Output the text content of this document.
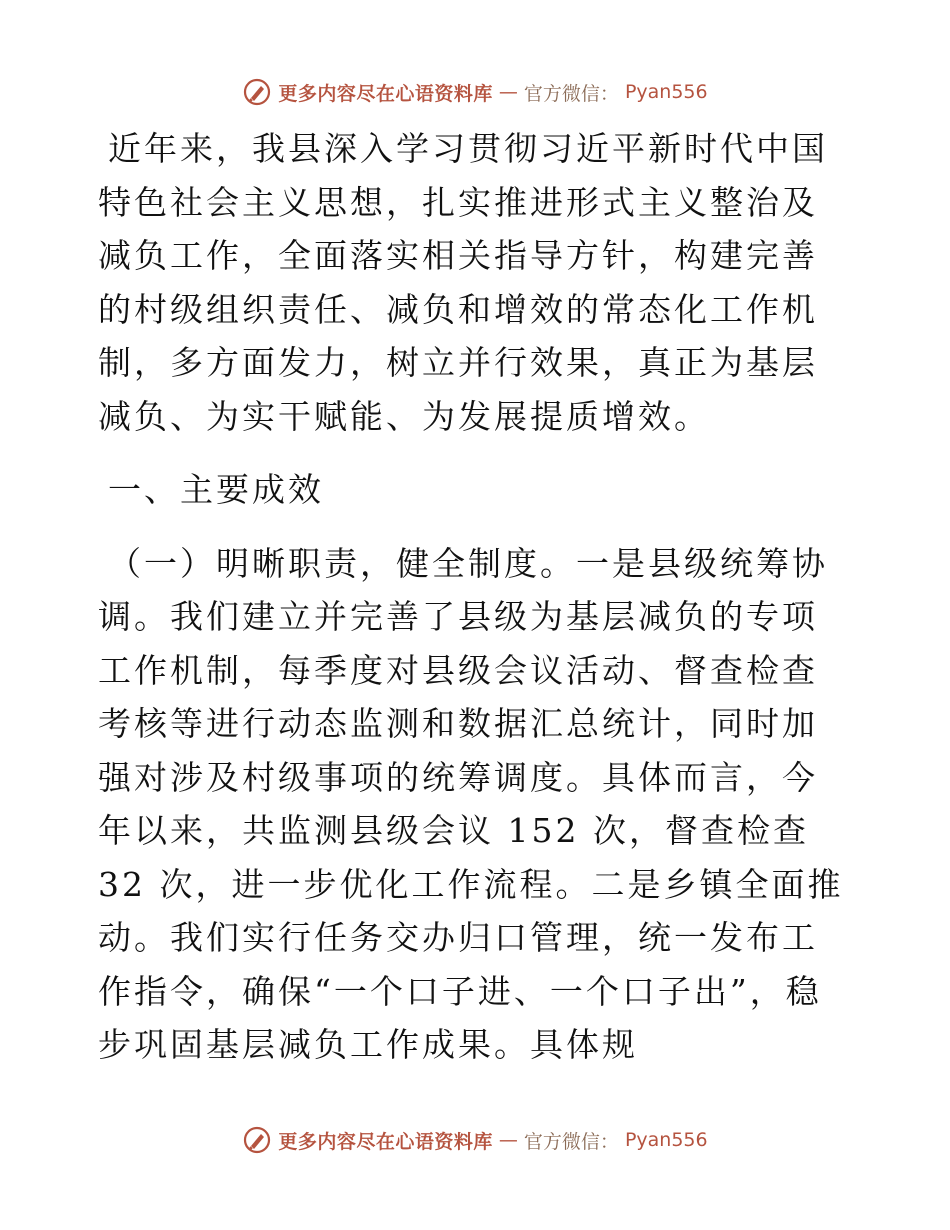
更多内容尽在心语资料库 — 官方微信： Pyan556

近年来，我县深入学习贯彻习近平新时代中国特色社会主义思想，扎实推进形式主义整治及减负工作，全面落实相关指导方针，构建完善的村级组织责任、减负和增效的常态化工作机制，多方面发力，树立并行效果，真正为基层减负、为实干赋能、为发展提质增效。

一、主要成效

（一）明晰职责，健全制度。一是县级统筹协调。我们建立并完善了县级为基层减负的专项工作机制，每季度对县级会议活动、督查检查考核等进行动态监测和数据汇总统计，同时加强对涉及村级事项的统筹调度。具体而言，今年以来，共监测县级会议 152 次，督查检查 32 次，进一步优化工作流程。二是乡镇全面推动。我们实行任务交办归口管理，统一发布工作指令，确保“一个口子进、一个口子出”，稳步巩固基层减负工作成果。具体规

更多内容尽在心语资料库 — 官方微信： Pyan556
